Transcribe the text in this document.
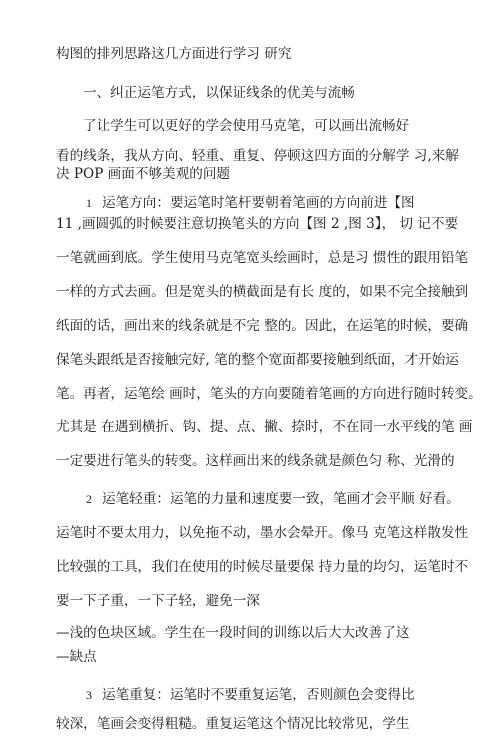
构图的排列思路这几方面进行学习 研究
一、纠正运笔方式，以保证线条的优美与流畅
了让学生可以更好的学会使用马克笔，可以画出流畅好
看的线条，我从方向、轻重、重复、停顿这四方面的分解学 习,来解
决 POP 画面不够美观的问题
1 运笔方向：要运笔时笔杆要朝着笔画的方向前进【图
11 ,画圆弧的时候要注意切换笔头的方向【图 2 ,图 3】， 切 记不要
一笔就画到底。学生使用马克笔宽头绘画时，总是习 惯性的跟用铅笔
一样的方式去画。但是宽头的横截面是有长 度的，如果不完全接触到
纸面的话，画出来的线条就是不完 整的。因此，在运笔的时候，要确
保笔头跟纸是否接触完好, 笔的整个宽面都要接触到纸面，才开始运
笔。再者，运笔绘 画时，笔头的方向要随着笔画的方向进行随时转变。
尤其是 在遇到横折、钩、提、点、撇、捺时，不在同一水平线的笔 画
一定要进行笔头的转变。这样画出来的线条就是颜色匀 称、光滑的
2 运笔轻重：运笔的力量和速度要一致，笔画才会平顺 好看。
运笔时不要太用力，以免拖不动，墨水会晕开。像马 克笔这样散发性
比较强的工具，我们在使用的时候尽量要保 持力量的均匀，运笔时不
要一下子重，一下子轻，避免一深
—浅的色块区域。学生在一段时间的训练以后大大改善了这
—缺点
3 运笔重复：运笔时不要重复运笔，否则颜色会变得比
较深，笔画会变得粗糙。重复运笔这个情况比较常见，学生
